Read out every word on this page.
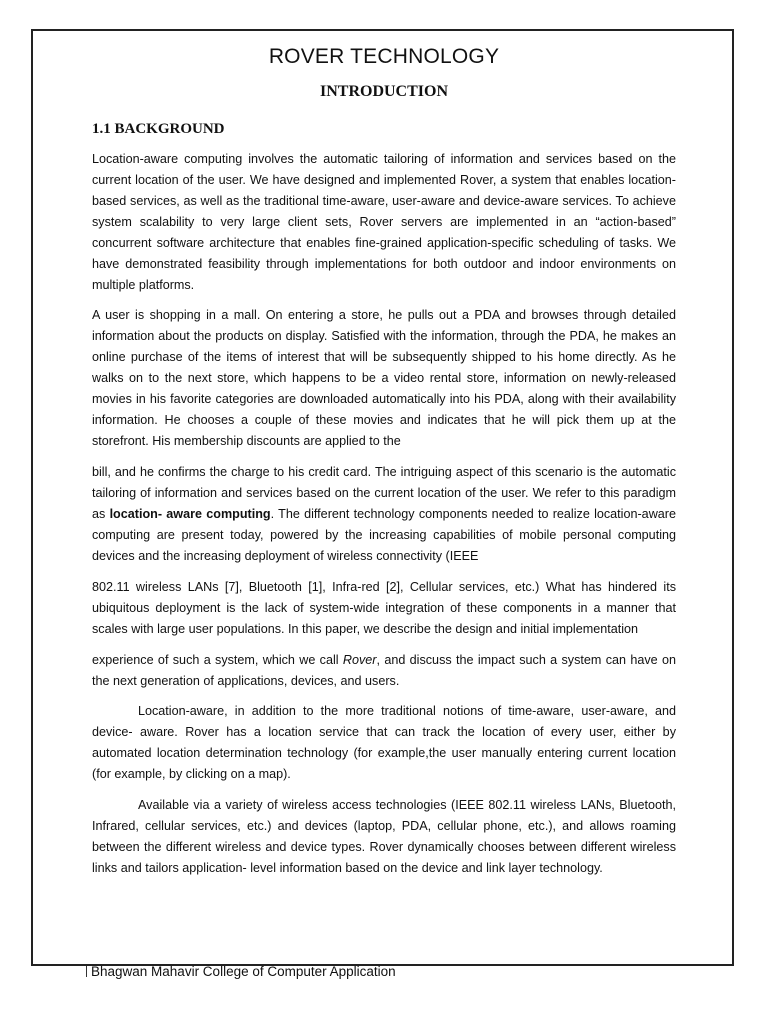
ROVER TECHNOLOGY
INTRODUCTION
1.1 BACKGROUND

Location-aware computing involves the automatic tailoring of information and services based on the current location of the user. We have designed and implemented Rover, a system that enables location-based services, as well as the traditional time-aware, user-aware and device-aware services. To achieve system scalability to very large client sets, Rover servers are implemented in an “action-based” concurrent software architecture that enables fine-grained application-specific scheduling of tasks. We have demonstrated feasibility through implementations for both outdoor and indoor environments on multiple platforms.

A user is shopping in a mall. On entering a store, he pulls out a PDA and browses through detailed information about the products on display. Satisfied with the information, through the PDA, he makes an online purchase of the items of interest that will be subsequently shipped to his home directly. As he walks on to the next store, which happens to be a video rental store, information on newly-released movies in his favorite categories are downloaded automatically into his PDA, along with their availability information. He chooses a couple of these movies and indicates that he will pick them up at the storefront. His membership discounts are applied to the

bill, and he confirms the charge to his credit card. The intriguing aspect of this scenario is the automatic tailoring of information and services based on the current location of the user. We refer to this paradigm as location- aware computing. The different technology components needed to realize location-aware computing are present today, powered by the increasing capabilities of mobile personal computing devices and the increasing deployment of wireless connectivity (IEEE

802.11 wireless LANs [7], Bluetooth [1], Infra-red [2], Cellular services, etc.) What has hindered its ubiquitous deployment is the lack of system-wide integration of these components in a manner that scales with large user populations. In this paper, we describe the design and initial implementation

experience of such a system, which we call Rover, and discuss the impact such a system can have on the next generation of applications, devices, and users.

Location-aware, in addition to the more traditional notions of time-aware, user-aware, and device- aware. Rover has a location service that can track the location of every user, either by automated location determination technology (for example,the user manually entering current location (for example, by clicking on a map).

Available via a variety of wireless access technologies (IEEE 802.11 wireless LANs, Bluetooth, Infrared, cellular services, etc.) and devices (laptop, PDA, cellular phone, etc.), and allows roaming between the different wireless and device types. Rover dynamically chooses between different wireless links and tailors application- level information based on the device and link layer technology.

Bhagwan Mahavir College of Computer Application
